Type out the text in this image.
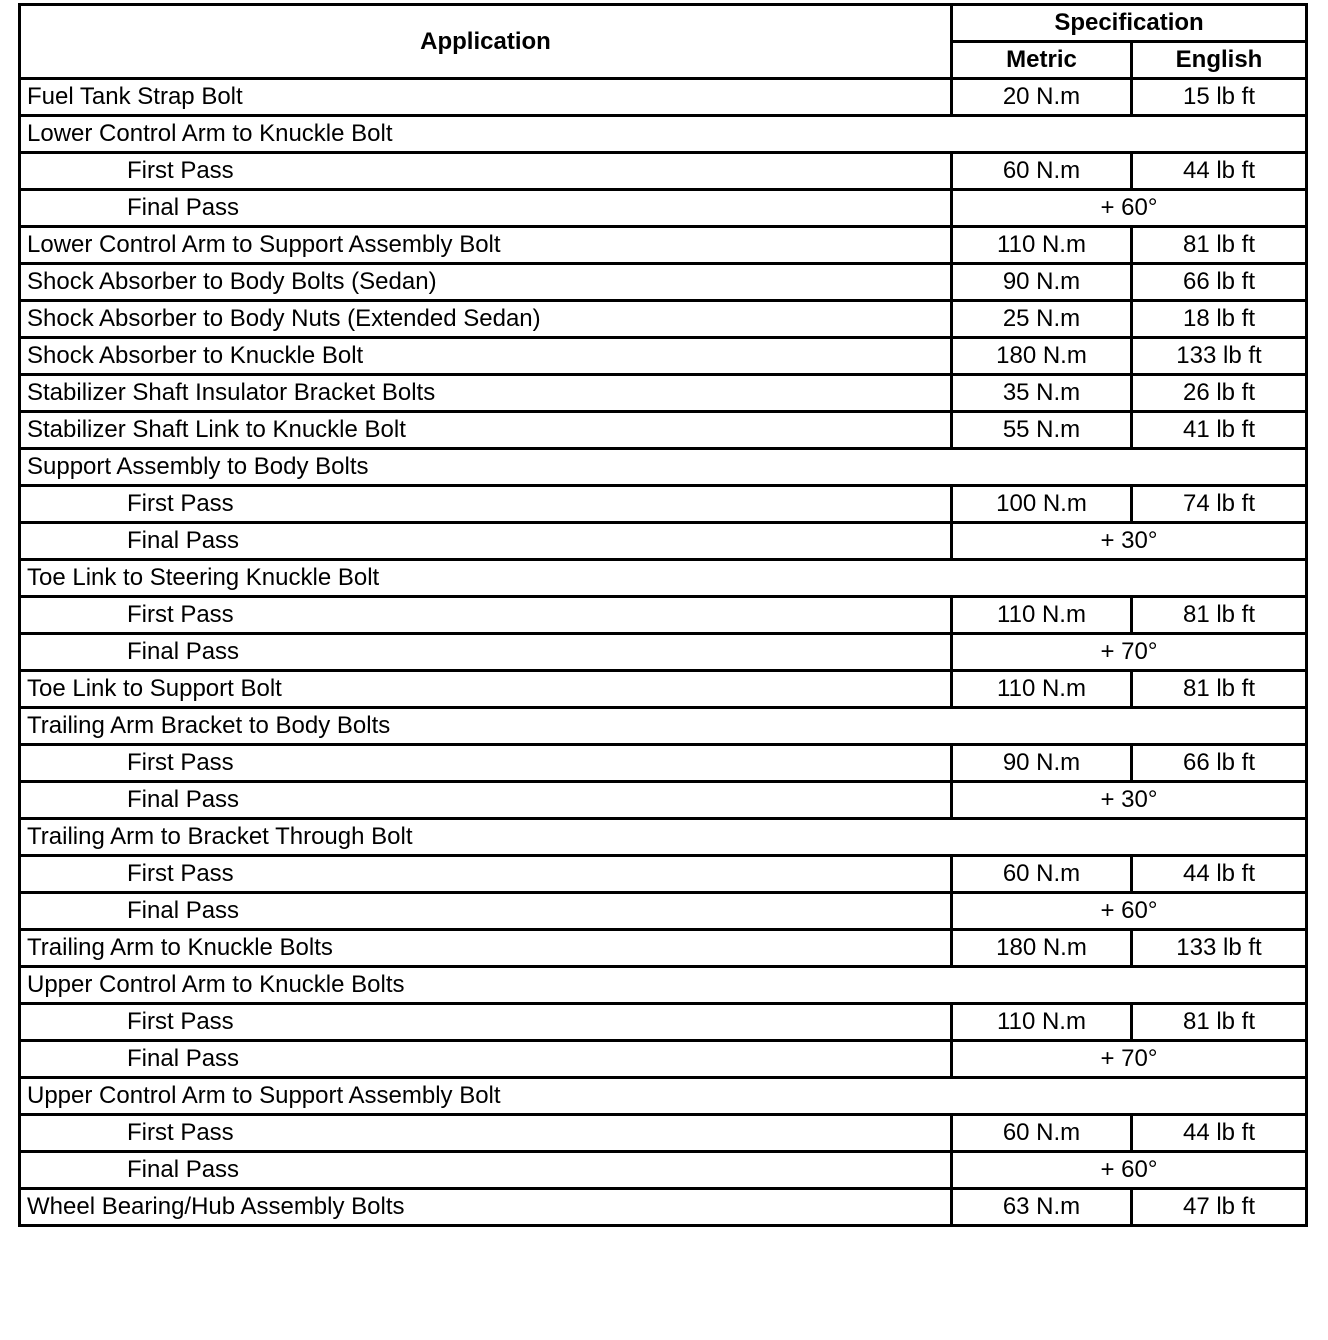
Application	Specification	
	Metric	English
Fuel Tank Strap Bolt	20 N.m	15 lb ft
Lower Control Arm to Knuckle Bolt		
First Pass	60 N.m	44 lb ft
Final Pass	+ 60°	
Lower Control Arm to Support Assembly Bolt	110 N.m	81 lb ft
Shock Absorber to Body Bolts (Sedan)	90 N.m	66 lb ft
Shock Absorber to Body Nuts (Extended Sedan)	25 N.m	18 lb ft
Shock Absorber to Knuckle Bolt	180 N.m	133 lb ft
Stabilizer Shaft Insulator Bracket Bolts	35 N.m	26 lb ft
Stabilizer Shaft Link to Knuckle Bolt	55 N.m	41 lb ft
Support Assembly to Body Bolts		
First Pass	100 N.m	74 lb ft
Final Pass	+ 30°	
Toe Link to Steering Knuckle Bolt		
First Pass	110 N.m	81 lb ft
Final Pass	+ 70°	
Toe Link to Support Bolt	110 N.m	81 lb ft
Trailing Arm Bracket to Body Bolts		
First Pass	90 N.m	66 lb ft
Final Pass	+ 30°	
Trailing Arm to Bracket Through Bolt		
First Pass	60 N.m	44 lb ft
Final Pass	+ 60°	
Trailing Arm to Knuckle Bolts	180 N.m	133 lb ft
Upper Control Arm to Knuckle Bolts		
First Pass	110 N.m	81 lb ft
Final Pass	+ 70°	
Upper Control Arm to Support Assembly Bolt		
First Pass	60 N.m	44 lb ft
Final Pass	+ 60°	
Wheel Bearing/Hub Assembly Bolts	63 N.m	47 lb ft
